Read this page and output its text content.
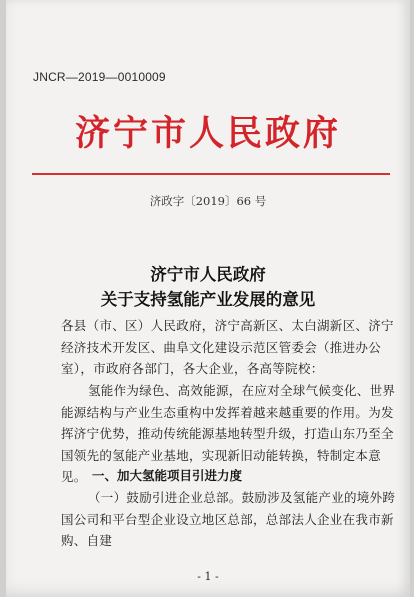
JNCR—2019—0010009
济宁市人民政府
济政字〔2019〕66 号
济宁市人民政府
关于支持氢能产业发展的意见
各县（市、区）人民政府，济宁高新区、太白湖新区、济宁经济技术开发区、曲阜文化建设示范区管委会（推进办公室），市政府各部门，各大企业，各高等院校：
氢能作为绿色、高效能源，在应对全球气候变化、世界能源结构与产业生态重构中发挥着越来越重要的作用。为发挥济宁优势，推动传统能源基地转型升级，打造山东乃至全国领先的氢能产业基地，实现新旧动能转换，特制定本意见。 一、加大氢能项目引进力度
（一）鼓励引进企业总部。鼓励涉及氢能产业的境外跨国公司和平台型企业设立地区总部，总部法人企业在我市新购、自建
- 1 -
